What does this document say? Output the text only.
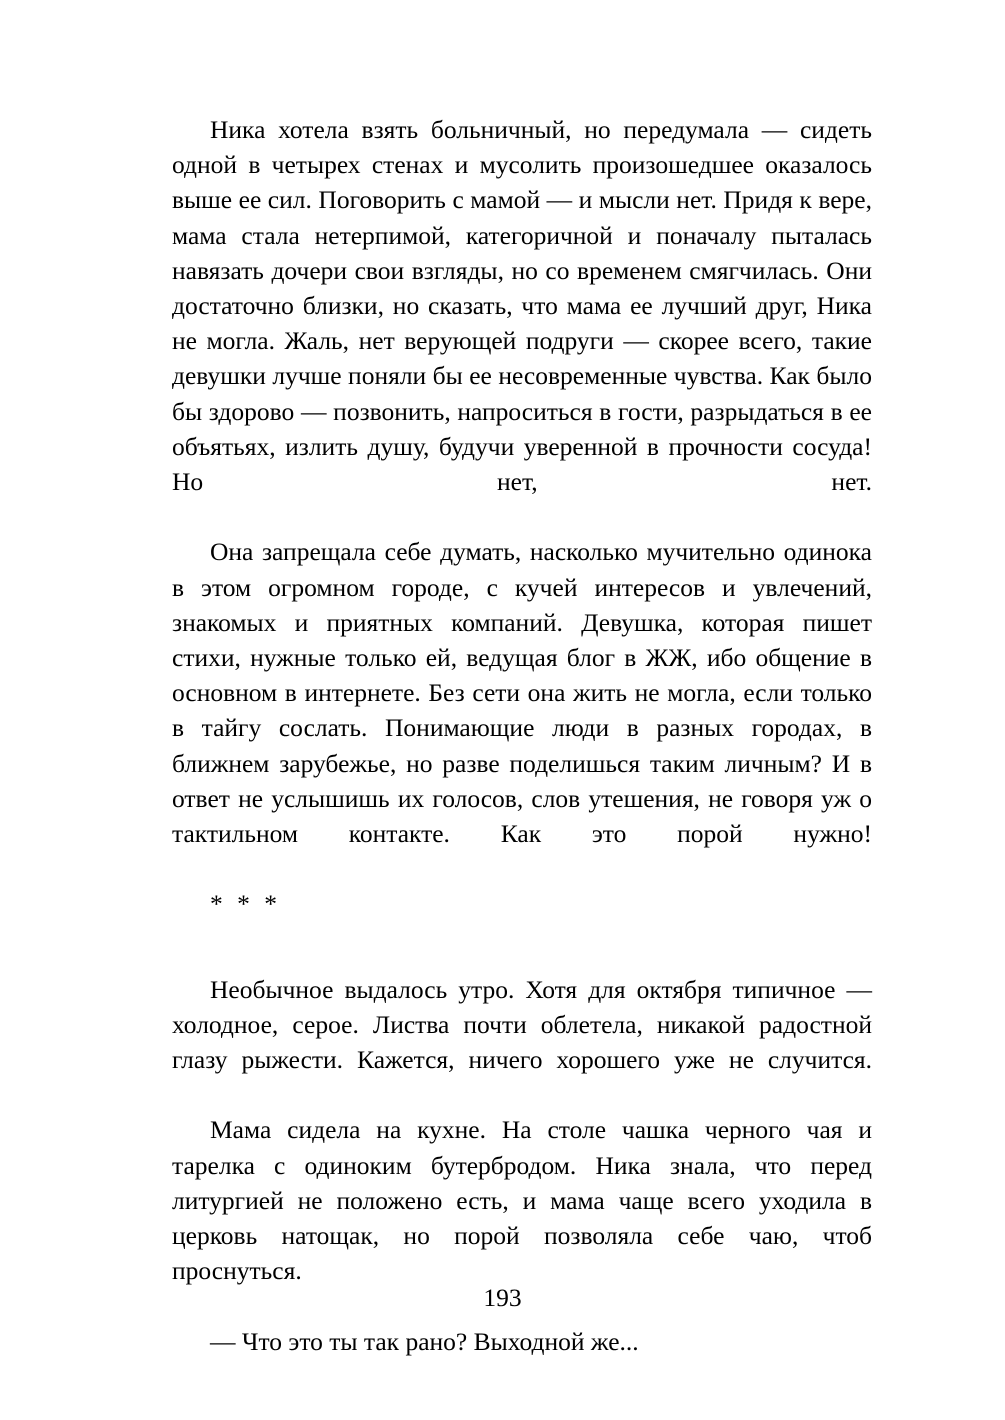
Ника хотела взять больничный, но передумала — сидеть одной в четырех стенах и мусолить произошедшее оказалось выше ее сил. Поговорить с мамой — и мысли нет. Придя к вере, мама стала нетерпимой, категоричной и поначалу пыталась навязать дочери свои взгляды, но со временем смягчилась. Они достаточно близки, но сказать, что мама ее лучший друг, Ника не могла. Жаль, нет верующей подруги — скорее всего, такие девушки лучше поняли бы ее несовременные чувства. Как было бы здорово — позвонить, напроситься в гости, разрыдаться в ее объятьях, излить душу, будучи уверенной в прочности сосуда! Но нет, нет.

Она запрещала себе думать, насколько мучительно одинока в этом огромном городе, с кучей интересов и увлечений, знакомых и приятных компаний. Девушка, которая пишет стихи, нужные только ей, ведущая блог в ЖЖ, ибо общение в основном в интернете. Без сети она жить не могла, если только в тайгу сослать. Понимающие люди в разных городах, в ближнем зарубежье, но разве поделишься таким личным? И в ответ не услышишь их голосов, слов утешения, не говоря уж о тактильном контакте. Как это порой нужно!

* * *

Необычное выдалось утро. Хотя для октября типичное — холодное, серое. Листва почти облетела, никакой радостной глазу рыжести. Кажется, ничего хорошего уже не случится.

Мама сидела на кухне. На столе чашка черного чая и тарелка с одиноким бутербродом. Ника знала, что перед литургией не положено есть, и мама чаще всего уходила в церковь натощак, но порой позволяла себе чаю, чтоб проснуться.

— Что это ты так рано? Выходной же...

193
